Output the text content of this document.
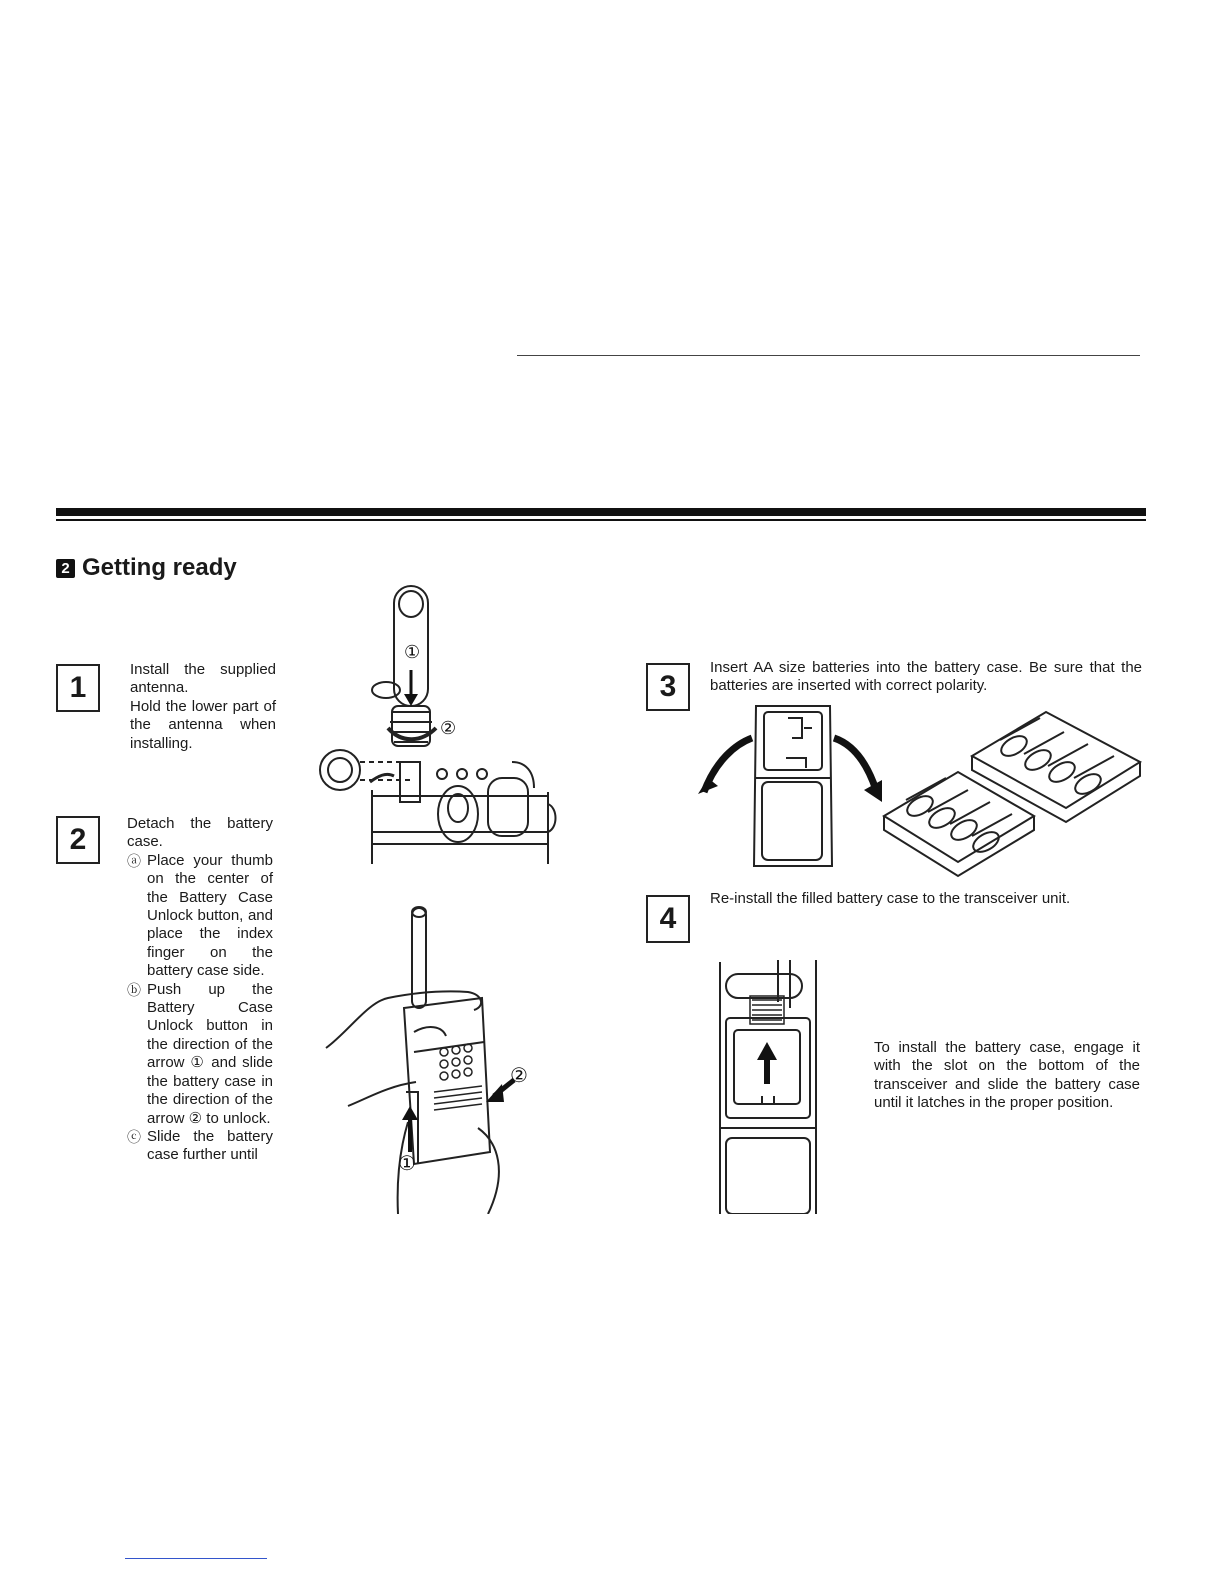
2 Getting ready
1
Install the supplied antenna.
Hold the lower part of the antenna when installing.
2	Detach the battery case.
ⓐ Place your thumb on the center of the Battery Case Unlock button, and place the index finger on the battery case side.
ⓑ Push up the Battery Case Unlock button in the direction of the arrow ① and slide the battery case in the direction of the arrow ② to unlock.
ⓒ Slide the battery case further until
①
②
①
②
3
Insert AA size batteries into the battery case. Be sure that the batteries are inserted with correct polarity.
4
Re-install the filled battery case to the transceiver unit.
To install the battery case, engage it with the slot on the bottom of the transceiver and slide the battery case until it latches in the proper position.
